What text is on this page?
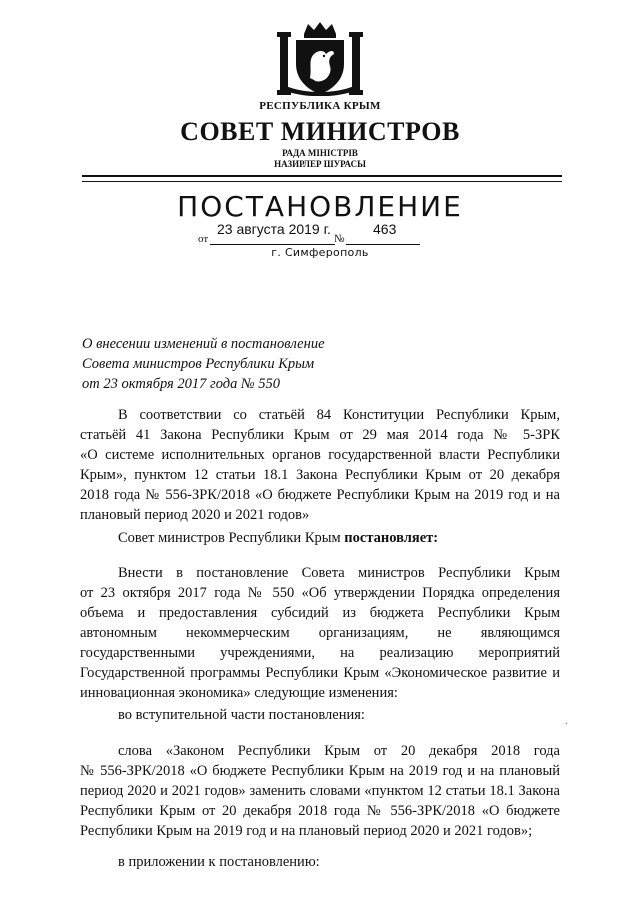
РЕСПУБЛИКА КРЫМ
СОВЕТ МИНИСТРОВ
РАДА МІНІСТРІВ
НАЗИРЛЕР ШУРАСЫ
ПОСТАНОВЛЕНИЕ
23 августа 2019 г.	463
от	№
г. Симферополь
О внесении изменений в постановление
Совета министров Республики Крым
от 23 октября 2017 года № 550
В соответствии со статьёй 84 Конституции Республики Крым,
статьёй 41 Закона Республики Крым от 29 мая 2014 года № 5-ЗРК
«О системе исполнительных органов государственной власти Республики
Крым», пунктом 12 статьи 18.1 Закона Республики Крым от 20 декабря
2018 года № 556-ЗРК/2018 «О бюджете Республики Крым на 2019 год и на
плановый период 2020 и 2021 годов»
Совет министров Республики Крым постановляет:
Внести в постановление Совета министров Республики Крым
от 23 октября 2017 года № 550 «Об утверждении Порядка определения
объема и предоставления субсидий из бюджета Республики Крым
автономным некоммерческим организациям, не являющимся
государственными учреждениями, на реализацию мероприятий
Государственной программы Республики Крым «Экономическое развитие и
инновационная экономика» следующие изменения:
во вступительной части постановления:	.
слова «Законом Республики Крым от 20 декабря 2018 года
№ 556-ЗРК/2018 «О бюджете Республики Крым на 2019 год и на плановый
период 2020 и 2021 годов» заменить словами «пунктом 12 статьи 18.1 Закона
Республики Крым от 20 декабря 2018 года № 556-ЗРК/2018 «О бюджете
Республики Крым на 2019 год и на плановый период 2020 и 2021 годов»;
в приложении к постановлению:
